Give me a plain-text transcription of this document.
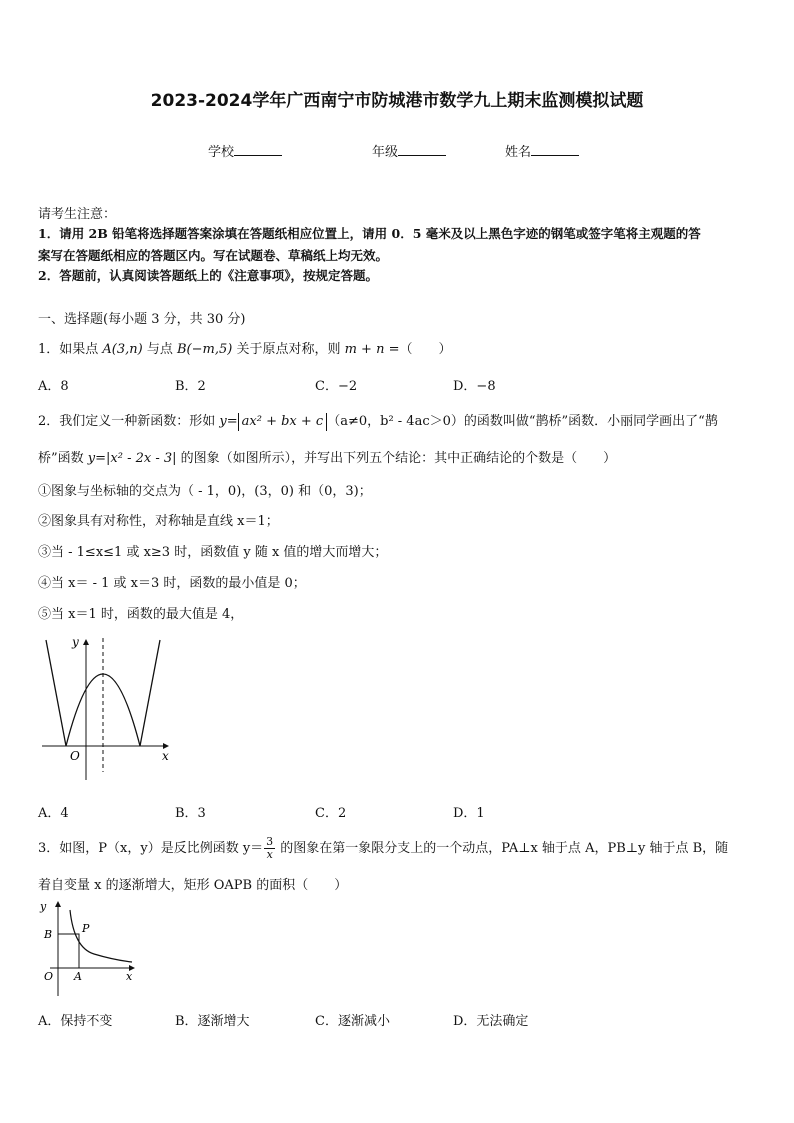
2023-2024学年广西南宁市防城港市数学九上期末监测模拟试题
学校	年级	姓名
请考生注意：
1．请用 2B 铅笔将选择题答案涂填在答题纸相应位置上，请用 0．5 毫米及以上黑色字迹的钢笔或签字笔将主观题的答
案写在答题纸相应的答题区内。写在试题卷、草稿纸上均无效。
2．答题前，认真阅读答题纸上的《注意事项》，按规定答题。
一、选择题(每小题 3 分，共 30 分)
1．如果点 A(3,n) 与点 B(−m,5) 关于原点对称，则 m + n =（　　）
A．8	B．2	C．−2	D．−8
2．我们定义一种新函数：形如 y= ax² + bx + c （a≠0，b² - 4ac＞0）的函数叫做“鹊桥”函数．小丽同学画出了“鹊
桥”函数 y=|x² - 2x - 3| 的图象（如图所示），并写出下列五个结论：其中正确结论的个数是（　　）
①图象与坐标轴的交点为（ - 1，0)，(3，0) 和（0，3)；
②图象具有对称性，对称轴是直线 x＝1；
③当 - 1≤x≤1 或 x≥3 时，函数值 y 随 x 值的增大而增大；
④当 x＝ - 1 或 x＝3 时，函数的最小值是 0；
⑤当 x＝1 时，函数的最大值是 4，
y
x
O
A．4	B．3	C．2	D．1
3．如图，P（x，y）是反比例函数 $y= \frac{3}{x}$ 的图象在第一象限分支上的一个动点，PA⊥x 轴于点 A，PB⊥y 轴于点 B，随
着自变量 x 的逐渐增大，矩形 OAPB 的面积（　　）
y
x
O
B	P
A
A．保持不变	B．逐渐增大	C．逐渐减小	D．无法确定
